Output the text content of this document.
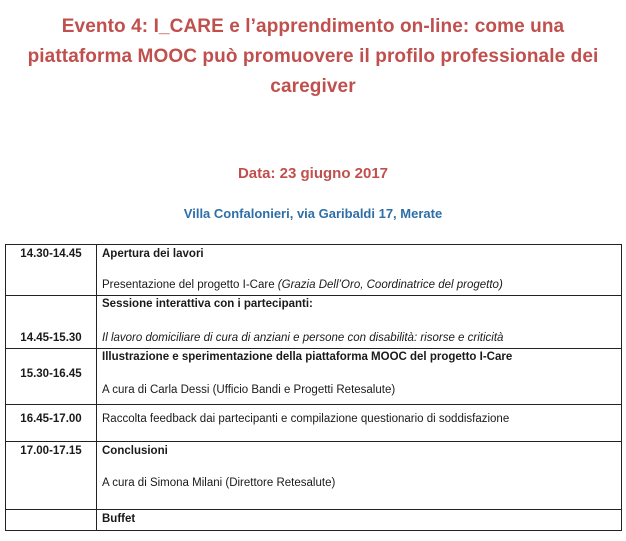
Evento 4: I_CARE e l’apprendimento on-line: come una
piattaforma MOOC può promuovere il profilo professionale dei
caregiver
Data: 23 giugno 2017
Villa Confalonieri, via Garibaldi 17, Merate
14.30-14.45	Apertura dei lavori
Presentazione del progetto I-Care (Grazia Dell’Oro, Coordinatrice del progetto)

14.45-15.30	Sessione interattiva con i partecipanti:
Il lavoro domiciliare di cura di anziani e persone con disabilità: risorse e criticità

15.30-16.45	Illustrazione e sperimentazione della piattaforma MOOC del progetto I-Care
A cura di Carla Dessi (Ufficio Bandi e Progetti Retesalute)

16.45-17.00	Raccolta feedback dai partecipanti e compilazione questionario di soddisfazione

17.00-17.15	Conclusioni
A cura di Simona Milani (Direttore Retesalute)

	Buffet
